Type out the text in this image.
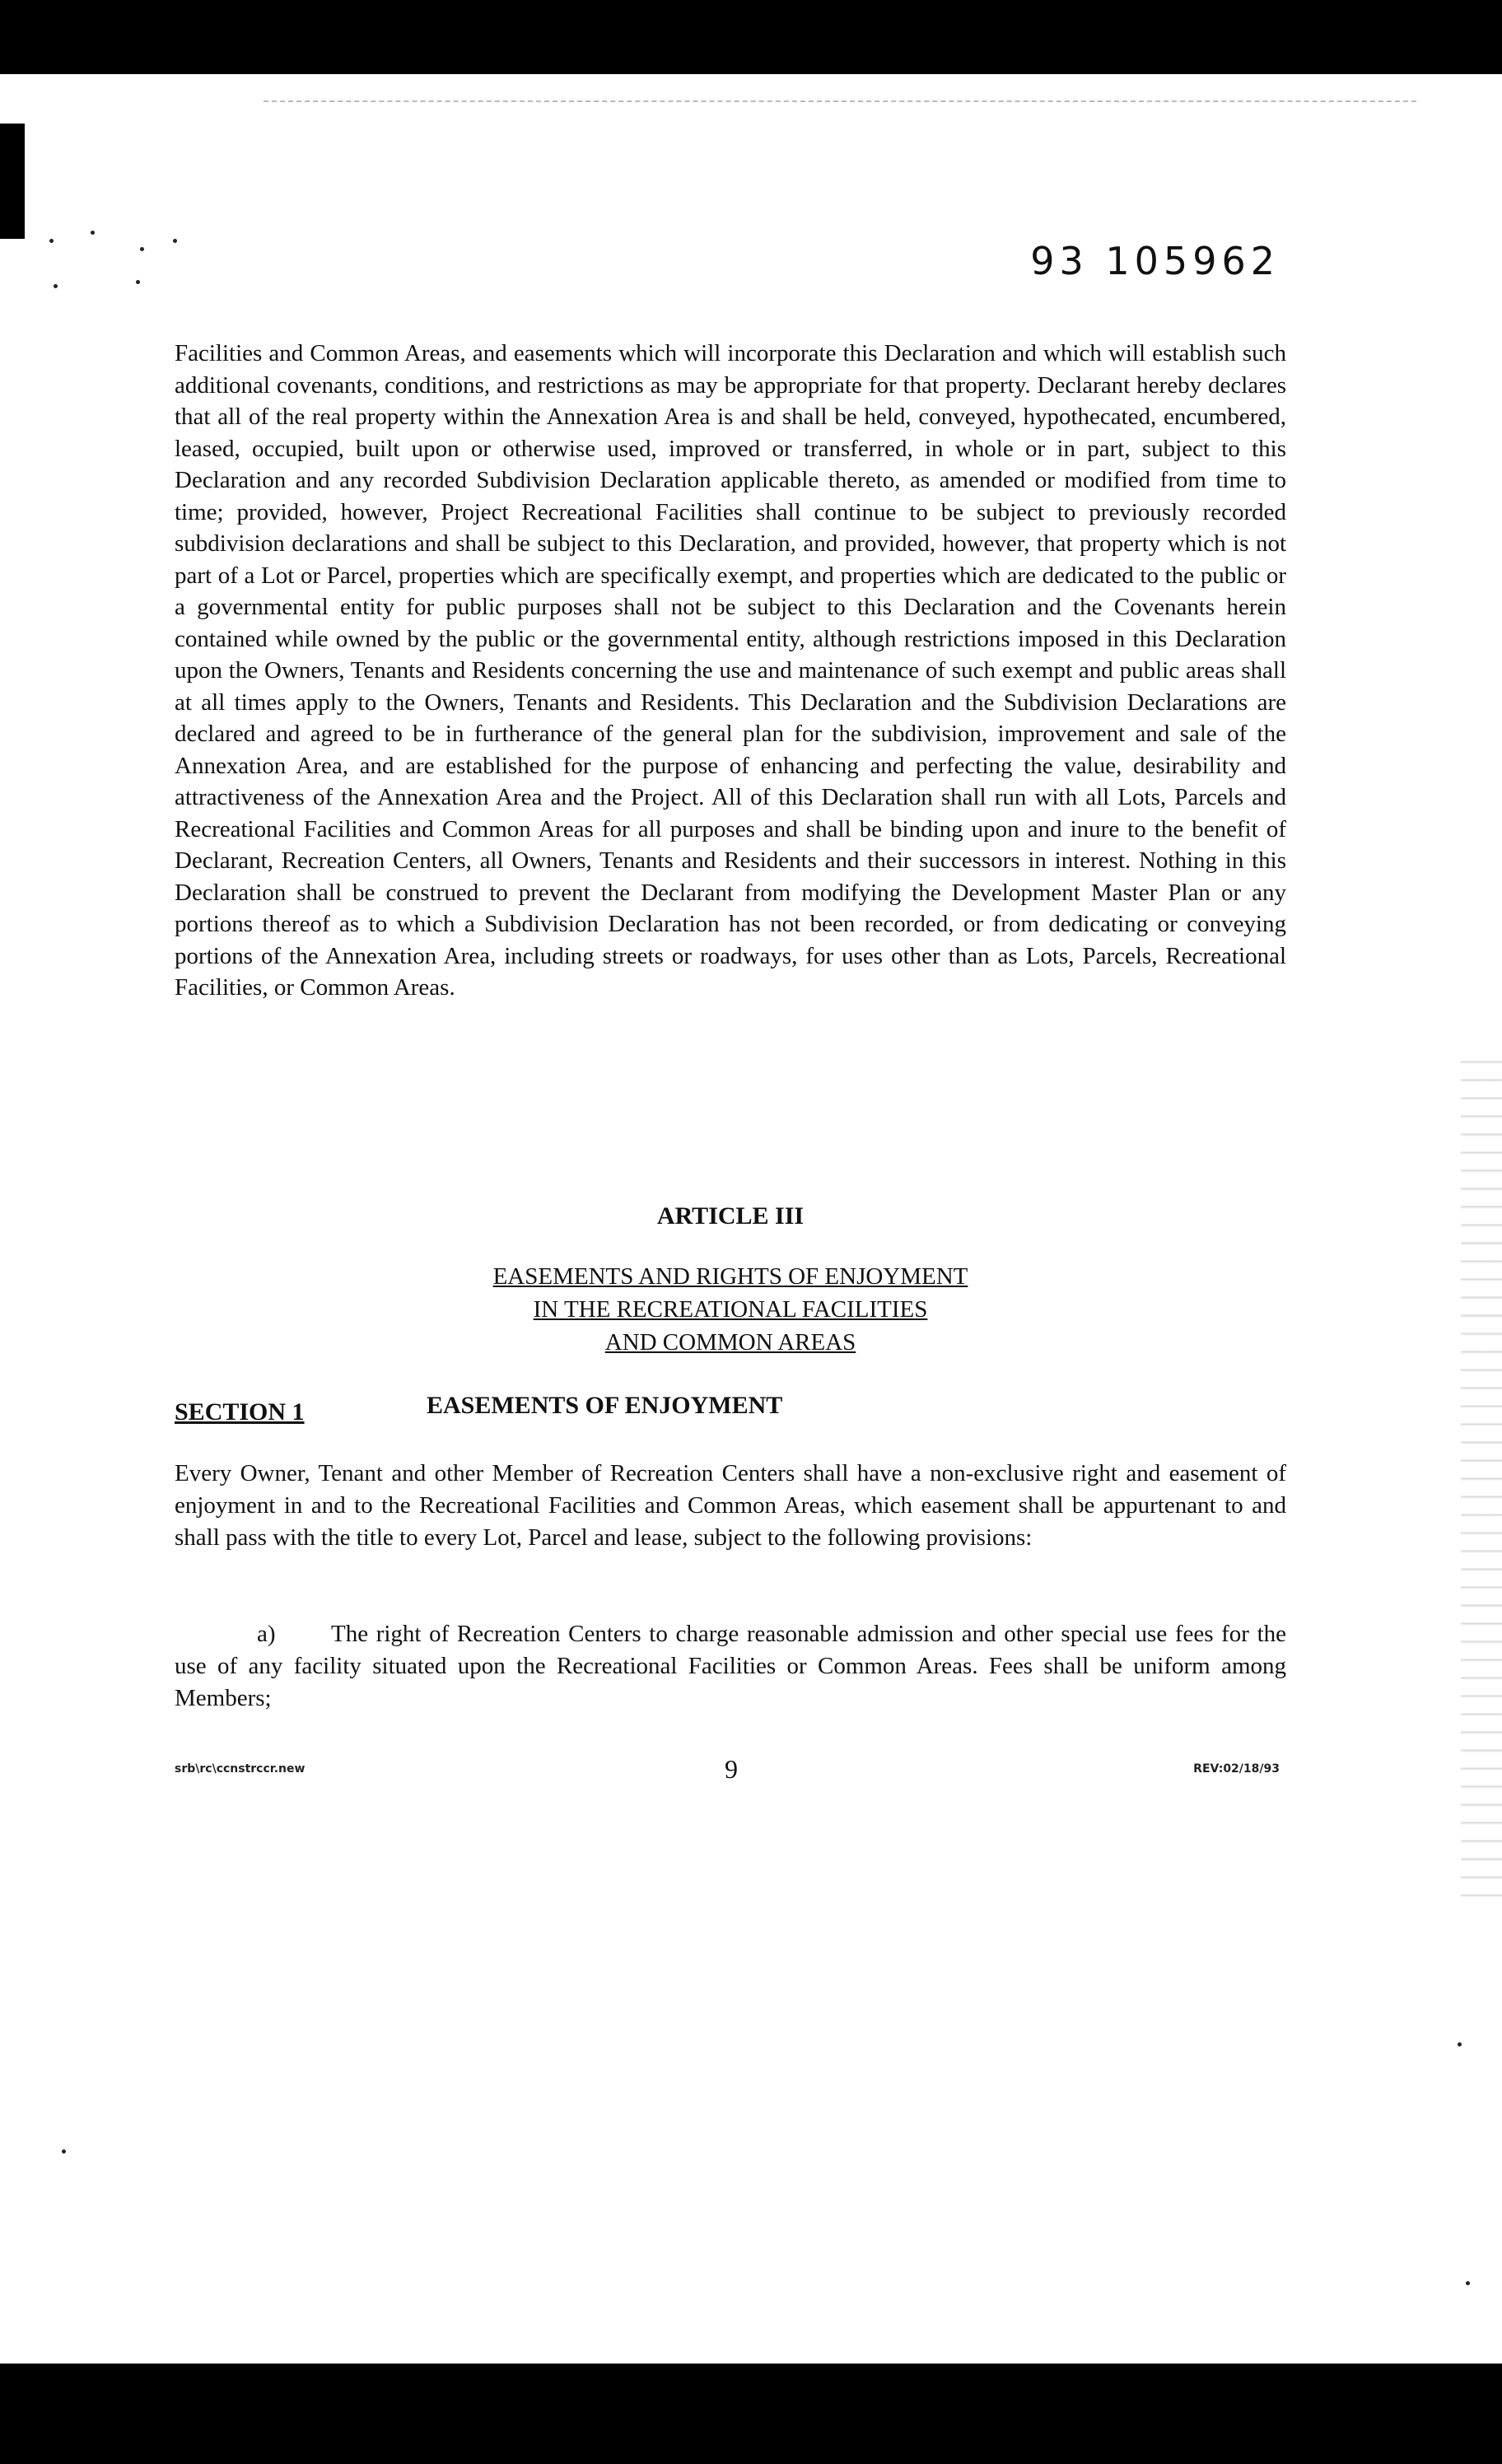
93 105962

Facilities and Common Areas, and easements which will incorporate this Declaration and which will establish such additional covenants, conditions, and restrictions as may be appropriate for that property. Declarant hereby declares that all of the real property within the Annexation Area is and shall be held, conveyed, hypothecated, encumbered, leased, occupied, built upon or otherwise used, improved or transferred, in whole or in part, subject to this Declaration and any recorded Subdivision Declaration applicable thereto, as amended or modified from time to time; provided, however, Project Recreational Facilities shall continue to be subject to previously recorded subdivision declarations and shall be subject to this Declaration, and provided, however, that property which is not part of a Lot or Parcel, properties which are specifically exempt, and properties which are dedicated to the public or a governmental entity for public purposes shall not be subject to this Declaration and the Covenants herein contained while owned by the public or the governmental entity, although restrictions imposed in this Declaration upon the Owners, Tenants and Residents concerning the use and maintenance of such exempt and public areas shall at all times apply to the Owners, Tenants and Residents. This Declaration and the Subdivision Declarations are declared and agreed to be in furtherance of the general plan for the subdivision, improvement and sale of the Annexation Area, and are established for the purpose of enhancing and perfecting the value, desirability and attractiveness of the Annexation Area and the Project. All of this Declaration shall run with all Lots, Parcels and Recreational Facilities and Common Areas for all purposes and shall be binding upon and inure to the benefit of Declarant, Recreation Centers, all Owners, Tenants and Residents and their successors in interest. Nothing in this Declaration shall be construed to prevent the Declarant from modifying the Development Master Plan or any portions thereof as to which a Subdivision Declaration has not been recorded, or from dedicating or conveying portions of the Annexation Area, including streets or roadways, for uses other than as Lots, Parcels, Recreational Facilities, or Common Areas.

ARTICLE III
EASEMENTS AND RIGHTS OF ENJOYMENT
IN THE RECREATIONAL FACILITIES
AND COMMON AREAS
SECTION 1	EASEMENTS OF ENJOYMENT

Every Owner, Tenant and other Member of Recreation Centers shall have a non-exclusive right and easement of enjoyment in and to the Recreational Facilities and Common Areas, which easement shall be appurtenant to and shall pass with the title to every Lot, Parcel and lease, subject to the following provisions:

a) The right of Recreation Centers to charge reasonable admission and other special use fees for the use of any facility situated upon the Recreational Facilities or Common Areas. Fees shall be uniform among Members;

srb\rc\ccnstrccr.new	9	REV:02/18/93
